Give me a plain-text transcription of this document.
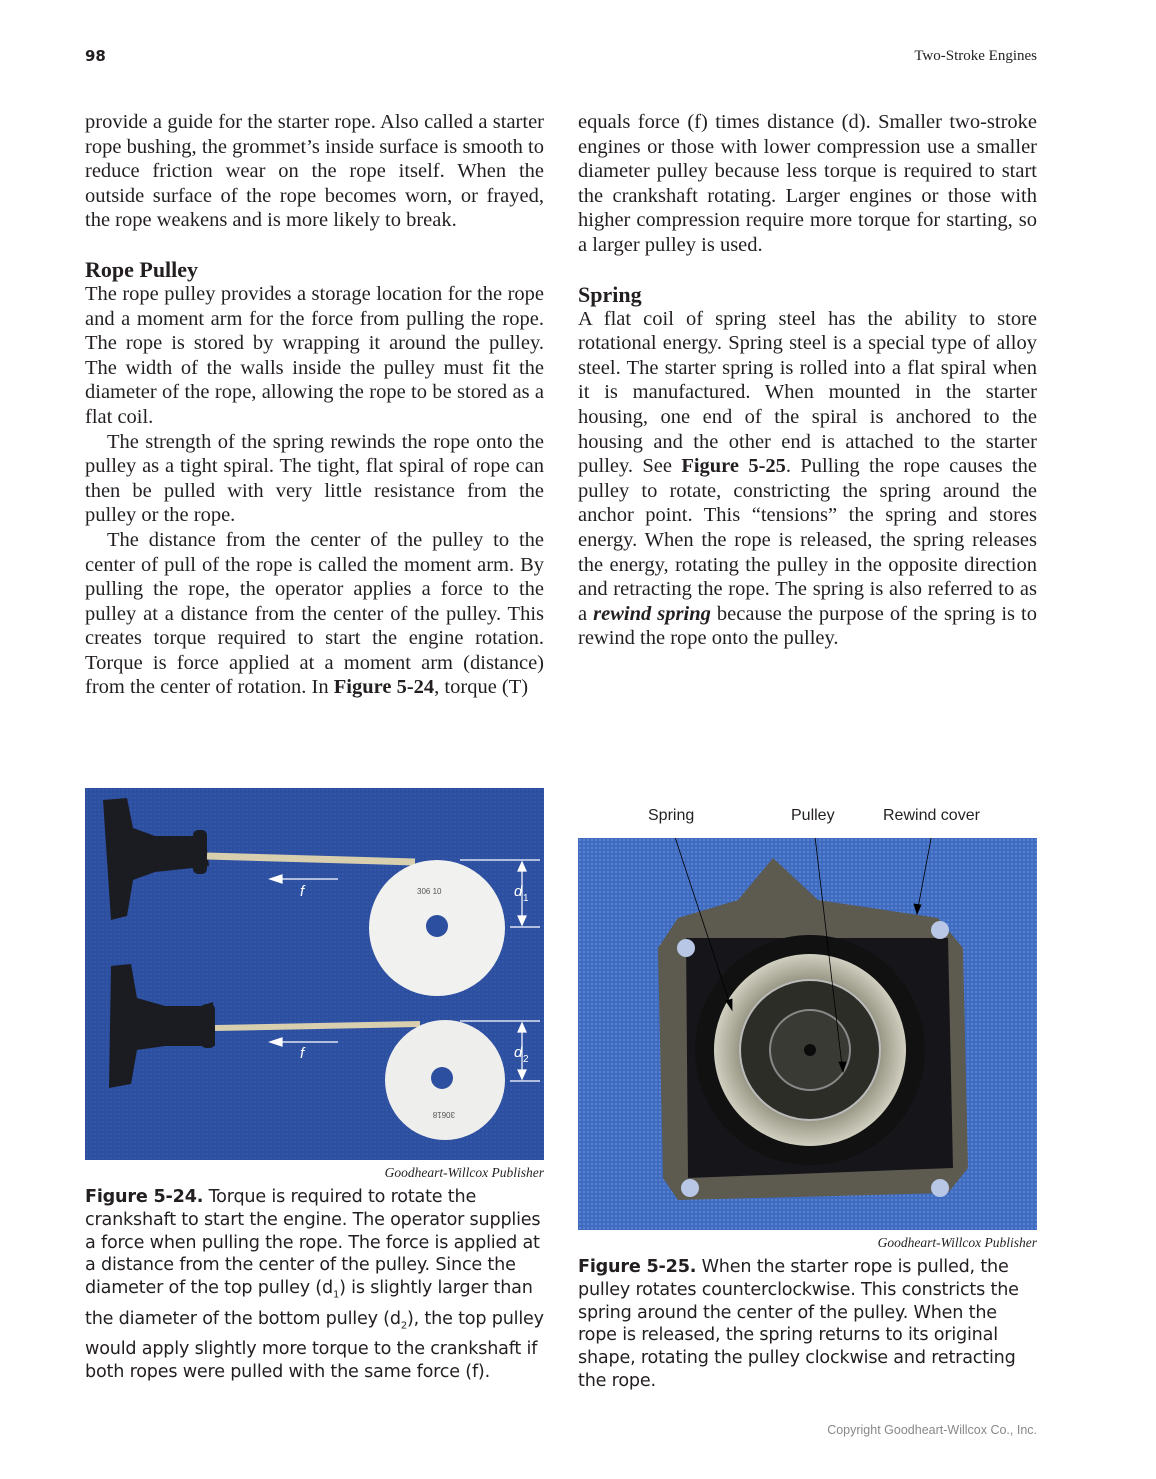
98	Two-Stroke Engines

provide a guide for the starter rope. Also called a starter rope bushing, the grommet’s inside surface is smooth to reduce friction wear on the rope itself. When the outside surface of the rope becomes worn, or frayed, the rope weakens and is more likely to break.

Rope Pulley

The rope pulley provides a storage location for the rope and a moment arm for the force from pulling the rope. The rope is stored by wrapping it around the pulley. The width of the walls inside the pulley must fit the diameter of the rope, allowing the rope to be stored as a flat coil.

The strength of the spring rewinds the rope onto the pulley as a tight spiral. The tight, flat spiral of rope can then be pulled with very little resistance from the pulley or the rope.

The distance from the center of the pulley to the center of pull of the rope is called the moment arm. By pulling the rope, the operator applies a force to the pulley at a distance from the center of the pulley. This creates torque required to start the engine rotation. Torque is force applied at a moment arm (distance) from the center of rotation. In Figure 5-24, torque (T)

equals force (f) times distance (d). Smaller two-stroke engines or those with lower compression use a smaller diameter pulley because less torque is required to start the crankshaft rotating. Larger engines or those with higher compression require more torque for starting, so a larger pulley is used.

Spring

A flat coil of spring steel has the ability to store rotational energy. Spring steel is a special type of alloy steel. The starter spring is rolled into a flat spiral when it is manufactured. When mounted in the starter housing, one end of the spiral is anchored to the housing and the other end is attached to the starter pulley. See Figure 5-25. Pulling the rope causes the pulley to rotate, constricting the spring around the anchor point. This “tensions” the spring and stores energy. When the rope is released, the spring releases the energy, rotating the pulley in the opposite direction and retracting the rope. The spring is also referred to as a rewind spring because the purpose of the spring is to rewind the rope onto the pulley.

306 10
30618
f
f
d 1
d 2
Goodheart-Willcox Publisher
Figure 5-24. Torque is required to rotate the crankshaft to start the engine. The operator supplies a force when pulling the rope. The force is applied at a distance from the center of the pulley. Since the diameter of the top pulley $(d_1)$ is slightly larger than the diameter of the bottom pulley $(d_2)$, the top pulley would apply slightly more torque to the crankshaft if both ropes were pulled with the same force (f).
Spring	Pulley	Rewind cover
Goodheart-Willcox Publisher
Figure 5-25. When the starter rope is pulled, the pulley rotates counterclockwise. This constricts the spring around the center of the pulley. When the rope is released, the spring returns to its original shape, rotating the pulley clockwise and retracting the rope.
Copyright Goodheart-Willcox Co., Inc.
